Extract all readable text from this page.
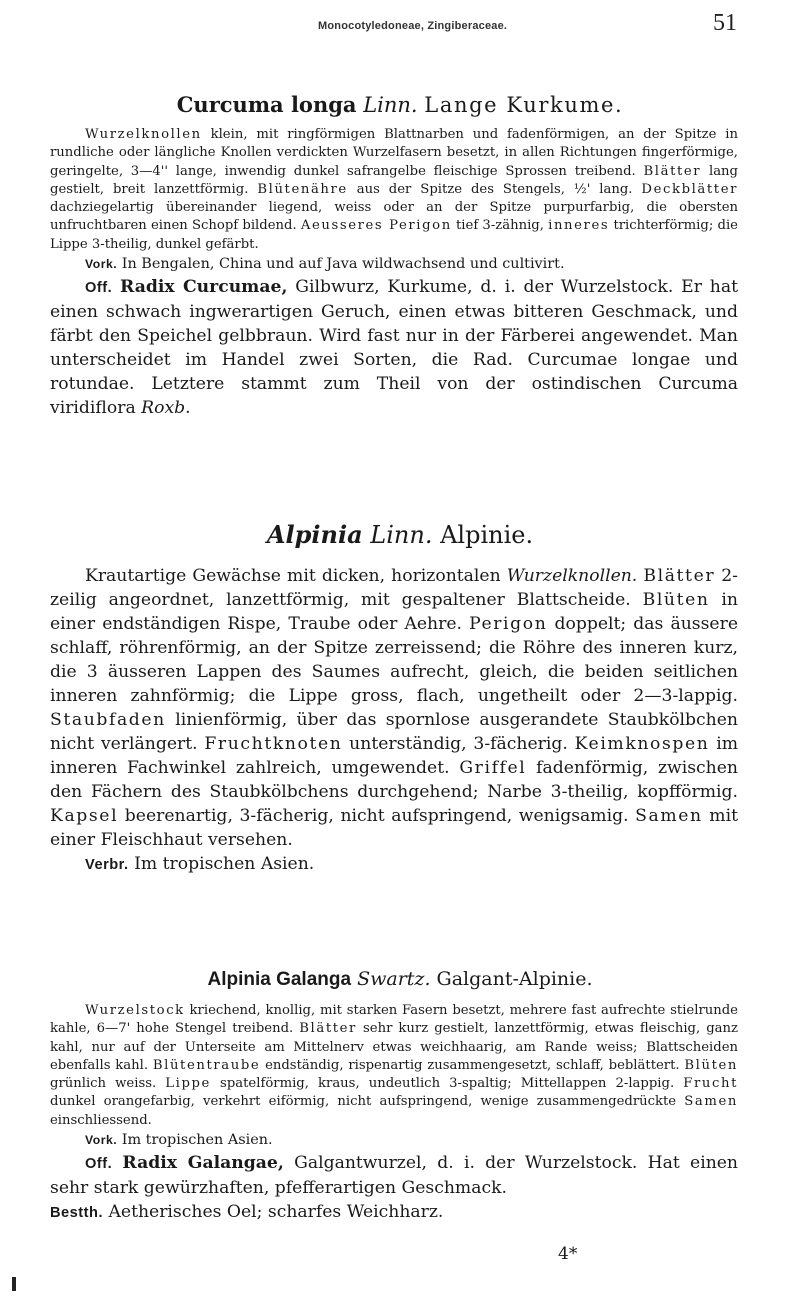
Monocotyledoneae, Zingiberaceae.	51

Curcuma longa Linn. Lange Kurkume.

Wurzelknollen klein, mit ringförmigen Blattnarben und fadenförmigen, an der Spitze in rundliche oder längliche Knollen verdickten Wurzelfasern besetzt, in allen Richtungen fingerförmige, geringelte, 3—4'' lange, inwendig dunkel safrangelbe fleischige Sprossen treibend. Blätter lang gestielt, breit lanzettförmig. Blütenähre aus der Spitze des Stengels, ½' lang. Deckblätter dachziegelartig übereinander liegend, weiss oder an der Spitze purpurfarbig, die obersten unfruchtbaren einen Schopf bildend. Aeusseres Perigon tief 3-zähnig, inneres trichterförmig; die Lippe 3-theilig, dunkel gefärbt.

Vork. In Bengalen, China und auf Java wildwachsend und cultivirt.

Off. Radix Curcumae, Gilbwurz, Kurkume, d. i. der Wurzelstock. Er hat einen schwach ingwerartigen Geruch, einen etwas bitteren Geschmack, und färbt den Speichel gelbbraun. Wird fast nur in der Färberei angewendet. Man unterscheidet im Handel zwei Sorten, die Rad. Curcumae longae und rotundae. Letztere stammt zum Theil von der ostindischen Curcuma viridiflora Roxb.

Alpinia Linn. Alpinie.

Krautartige Gewächse mit dicken, horizontalen Wurzelknollen. Blätter 2-zeilig angeordnet, lanzettförmig, mit gespaltener Blattscheide. Blüten in einer endständigen Rispe, Traube oder Aehre. Perigon doppelt; das äussere schlaff, röhrenförmig, an der Spitze zerreissend; die Röhre des inneren kurz, die 3 äusseren Lappen des Saumes aufrecht, gleich, die beiden seitlichen inneren zahnförmig; die Lippe gross, flach, ungetheilt oder 2—3-lappig. Staubfaden linienförmig, über das spornlose ausgerandete Staubkölbchen nicht verlängert. Fruchtknoten unterständig, 3-fächerig. Keimknospen im inneren Fachwinkel zahlreich, umgewendet. Griffel fadenförmig, zwischen den Fächern des Staubkölbchens durchgehend; Narbe 3-theilig, kopfförmig. Kapsel beerenartig, 3-fächerig, nicht aufspringend, wenigsamig. Samen mit einer Fleischhaut versehen.

Verbr. Im tropischen Asien.

Alpinia Galanga Swartz. Galgant-Alpinie.

Wurzelstock kriechend, knollig, mit starken Fasern besetzt, mehrere fast aufrechte stielrunde kahle, 6—7' hohe Stengel treibend. Blätter sehr kurz gestielt, lanzettförmig, etwas fleischig, ganz kahl, nur auf der Unterseite am Mittelnerv etwas weichhaarig, am Rande weiss; Blattscheiden ebenfalls kahl. Blütentraube endständig, rispenartig zusammengesetzt, schlaff, beblättert. Blüten grünlich weiss. Lippe spatelförmig, kraus, undeutlich 3-spaltig; Mittellappen 2-lappig. Frucht dunkel orangefarbig, verkehrt eiförmig, nicht aufspringend, wenige zusammengedrückte Samen einschliessend.

Vork. Im tropischen Asien.

Off. Radix Galangae, Galgantwurzel, d. i. der Wurzelstock. Hat einen sehr stark gewürzhaften, pfefferartigen Geschmack.

Bestth. Aetherisches Oel; scharfes Weichharz.

4*
